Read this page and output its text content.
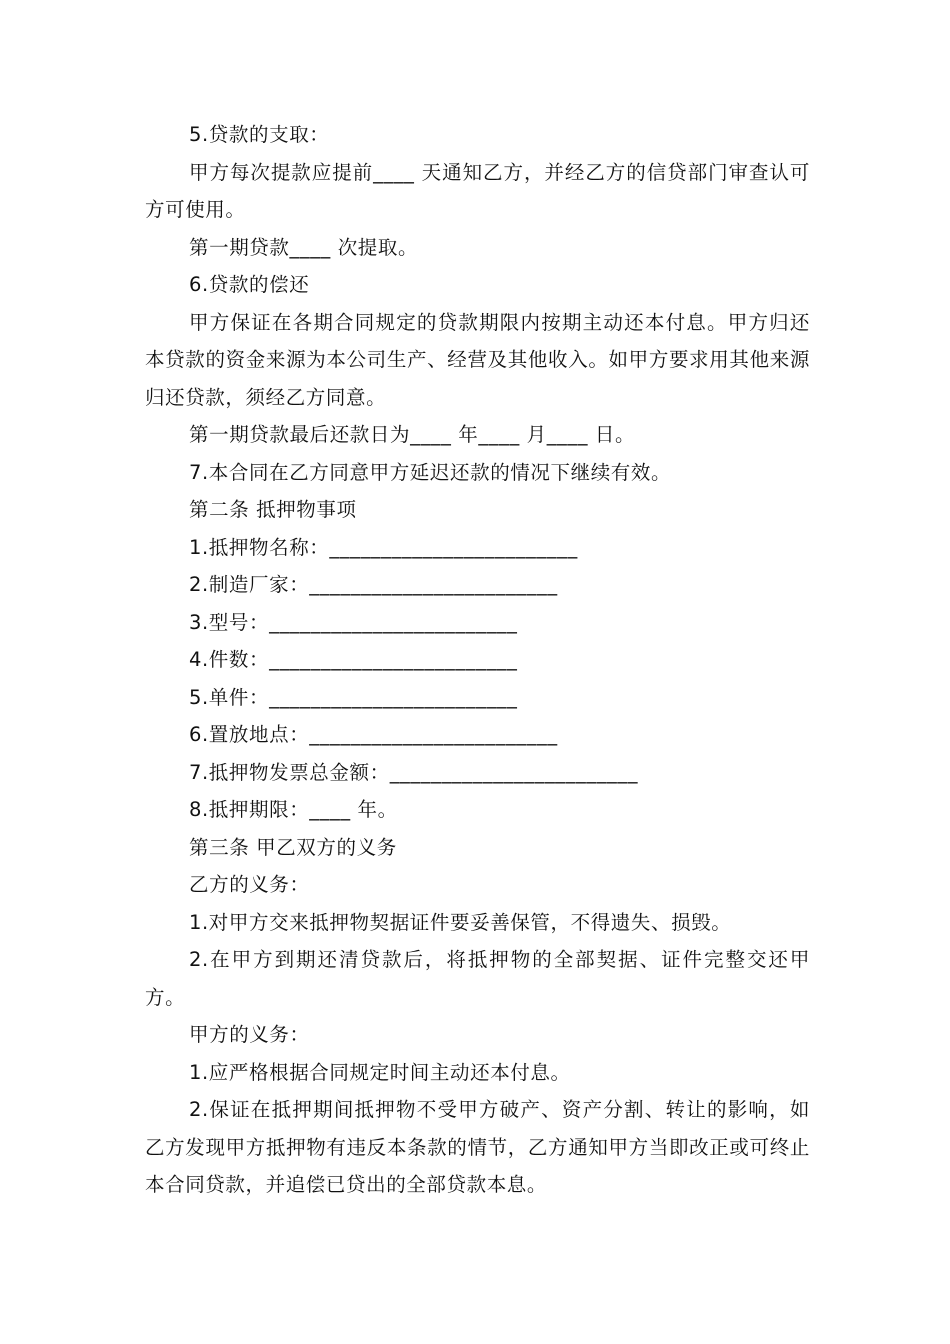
5.贷款的支取：

甲方每次提款应提前____ 天通知乙方，并经乙方的信贷部门审查认可方可使用。

第一期贷款____ 次提取。

6.贷款的偿还

甲方保证在各期合同规定的贷款期限内按期主动还本付息。甲方归还本贷款的资金来源为本公司生产、经营及其他收入。如甲方要求用其他来源归还贷款，须经乙方同意。

第一期贷款最后还款日为____ 年____ 月____ 日。

7.本合同在乙方同意甲方延迟还款的情况下继续有效。

第二条 抵押物事项

1.抵押物名称：________________________

2.制造厂家：________________________

3.型号：________________________

4.件数：________________________

5.单件：________________________

6.置放地点：________________________

7.抵押物发票总金额：________________________

8.抵押期限：____ 年。

第三条 甲乙双方的义务

乙方的义务：

1.对甲方交来抵押物契据证件要妥善保管，不得遗失、损毁。

2.在甲方到期还清贷款后，将抵押物的全部契据、证件完整交还甲方。

甲方的义务：

1.应严格根据合同规定时间主动还本付息。

2.保证在抵押期间抵押物不受甲方破产、资产分割、转让的影响，如乙方发现甲方抵押物有违反本条款的情节，乙方通知甲方当即改正或可终止本合同贷款，并追偿已贷出的全部贷款本息。
